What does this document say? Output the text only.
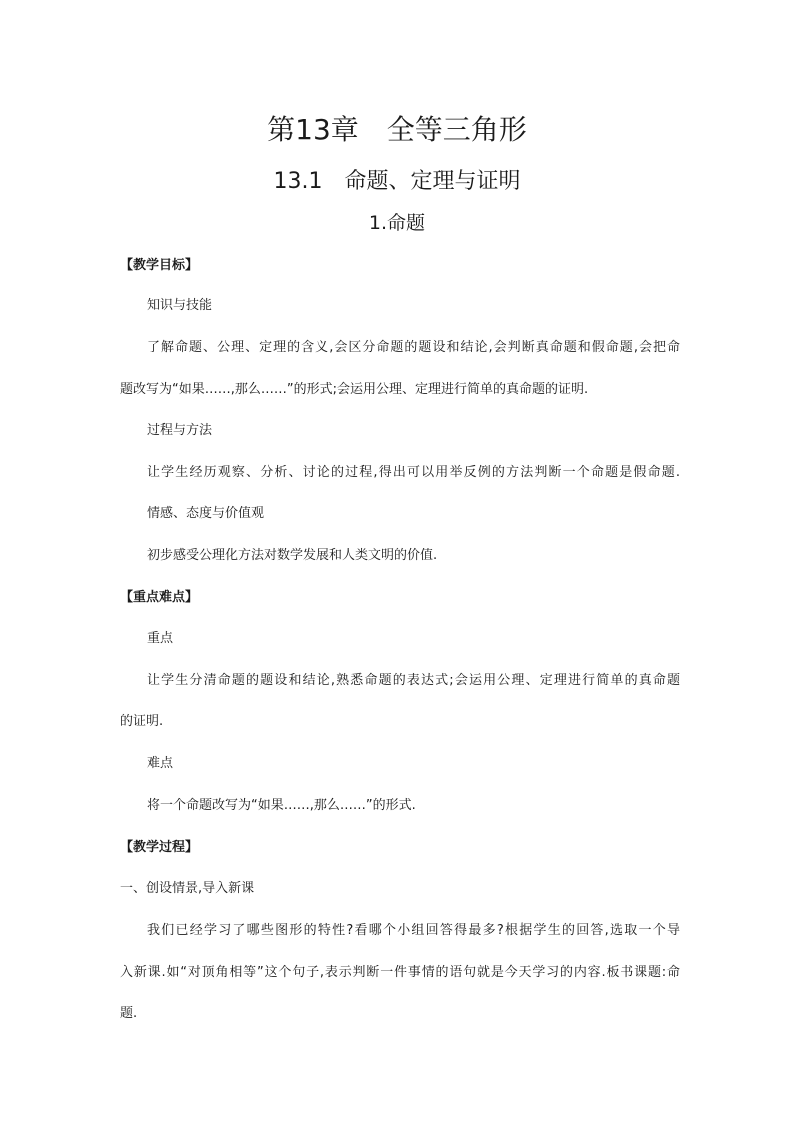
第13章　全等三角形
13.1　命题、定理与证明
1.命题
【教学目标】
知识与技能
了解命题、公理、定理的含义,会区分命题的题设和结论,会判断真命题和假命题,会把命
题改写为“如果……,那么……”的形式;会运用公理、定理进行简单的真命题的证明.
过程与方法
让学生经历观察、分析、讨论的过程,得出可以用举反例的方法判断一个命题是假命题.
情感、态度与价值观
初步感受公理化方法对数学发展和人类文明的价值.
【重点难点】
重点
让学生分清命题的题设和结论,熟悉命题的表达式;会运用公理、定理进行简单的真命题
的证明.
难点
将一个命题改写为“如果……,那么……”的形式.
【教学过程】
一、创设情景,导入新课
我们已经学习了哪些图形的特性?看哪个小组回答得最多?根据学生的回答,选取一个导
入新课.如“对顶角相等”这个句子,表示判断一件事情的语句就是今天学习的内容.板书课题:命
题.
